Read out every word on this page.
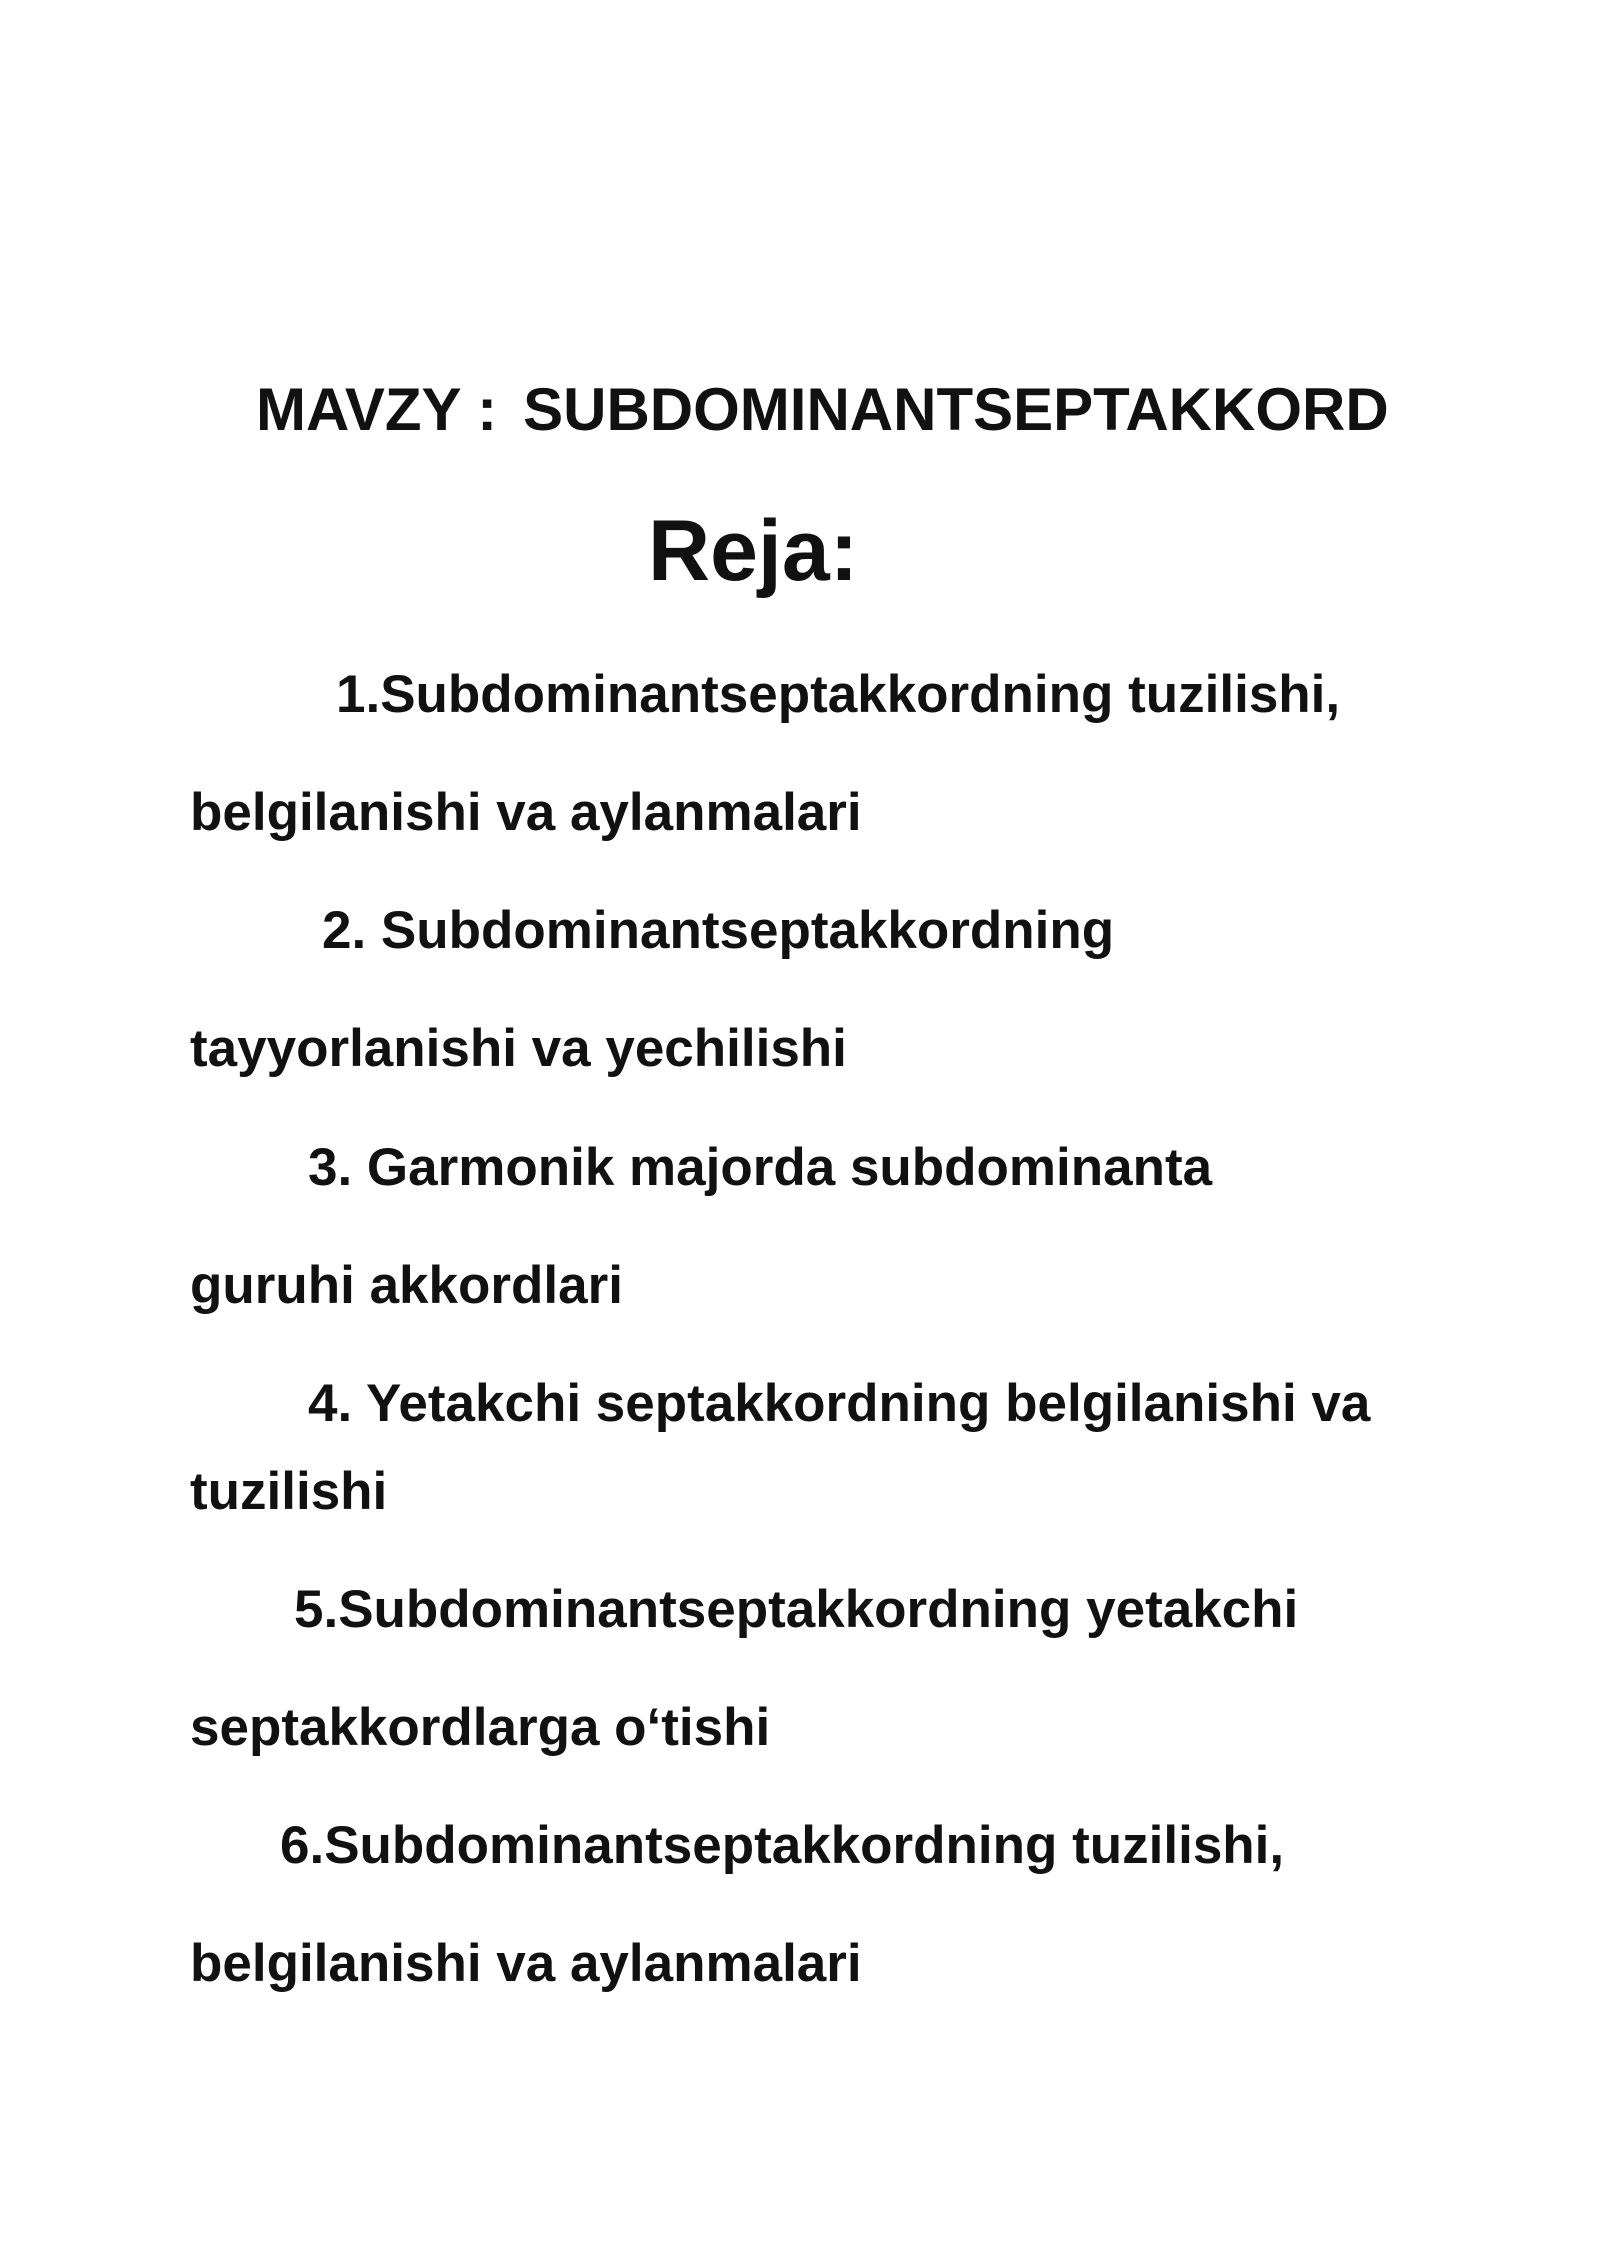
MAVZY : SUBDOMINANTSEPTAKKORD
Reja:

1.Subdominantseptakkordning tuzilishi,

belgilanishi va aylanmalari

2. Subdominantseptakkordning

tayyorlanishi va yechilishi

3. Garmonik majorda subdominanta

guruhi akkordlari

4. Yetakchi septakkordning belgilanishi va

tuzilishi

5.Subdominantseptakkordning yetakchi

septakkordlarga o‘tishi

6.Subdominantseptakkordning tuzilishi,

belgilanishi va aylanmalari
